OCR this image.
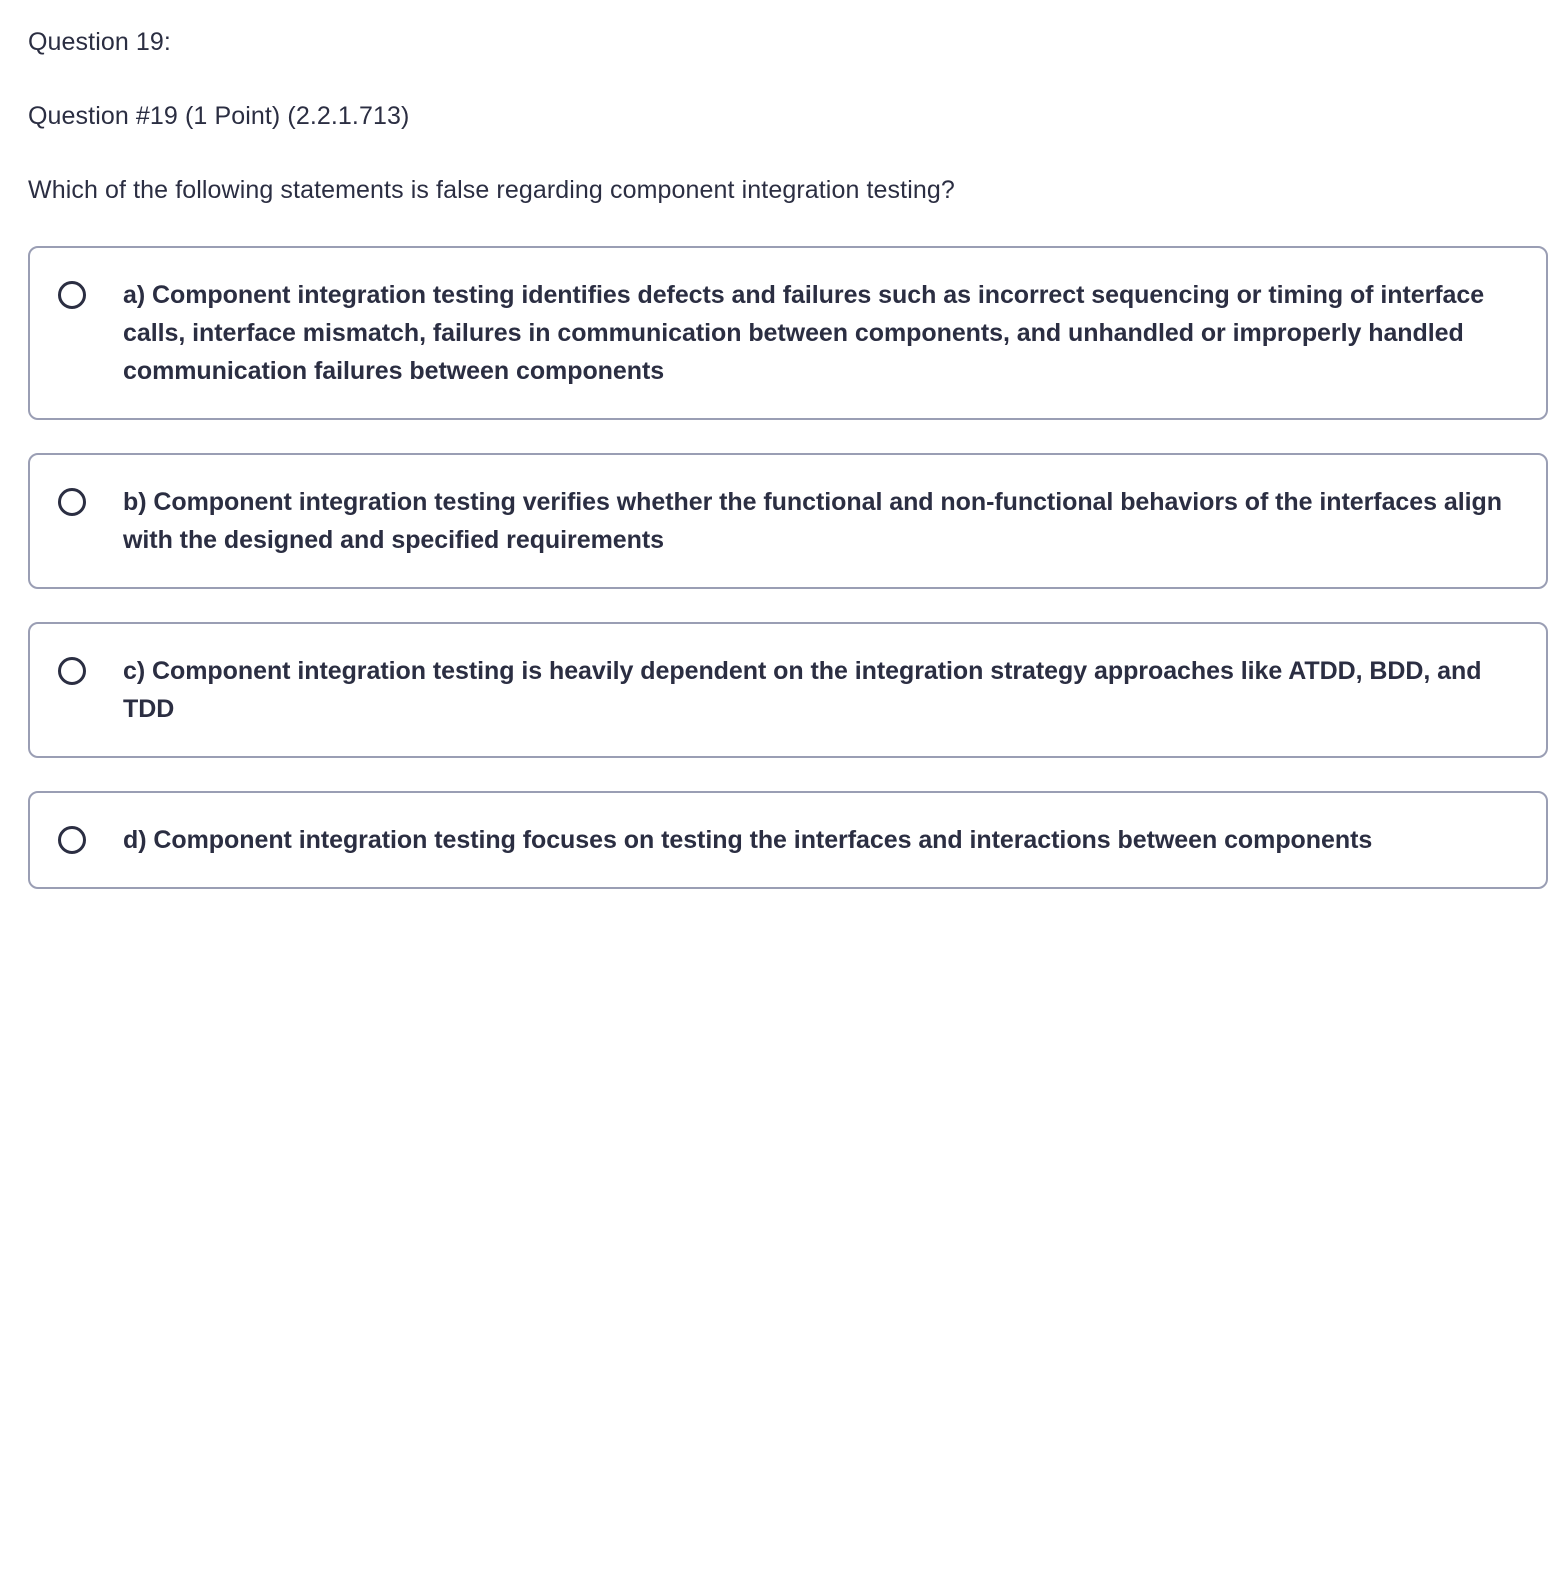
Question 19:
Question #19 (1 Point) (2.2.1.713)
Which of the following statements is false regarding component integration testing?
a) Component integration testing identifies defects and failures such as incorrect sequencing or timing of interface calls, interface mismatch, failures in communication between components, and unhandled or improperly handled communication failures between components
b) Component integration testing verifies whether the functional and non-functional behaviors of the interfaces align with the designed and specified requirements
c) Component integration testing is heavily dependent on the integration strategy approaches like ATDD, BDD, and TDD
d) Component integration testing focuses on testing the interfaces and interactions between components
